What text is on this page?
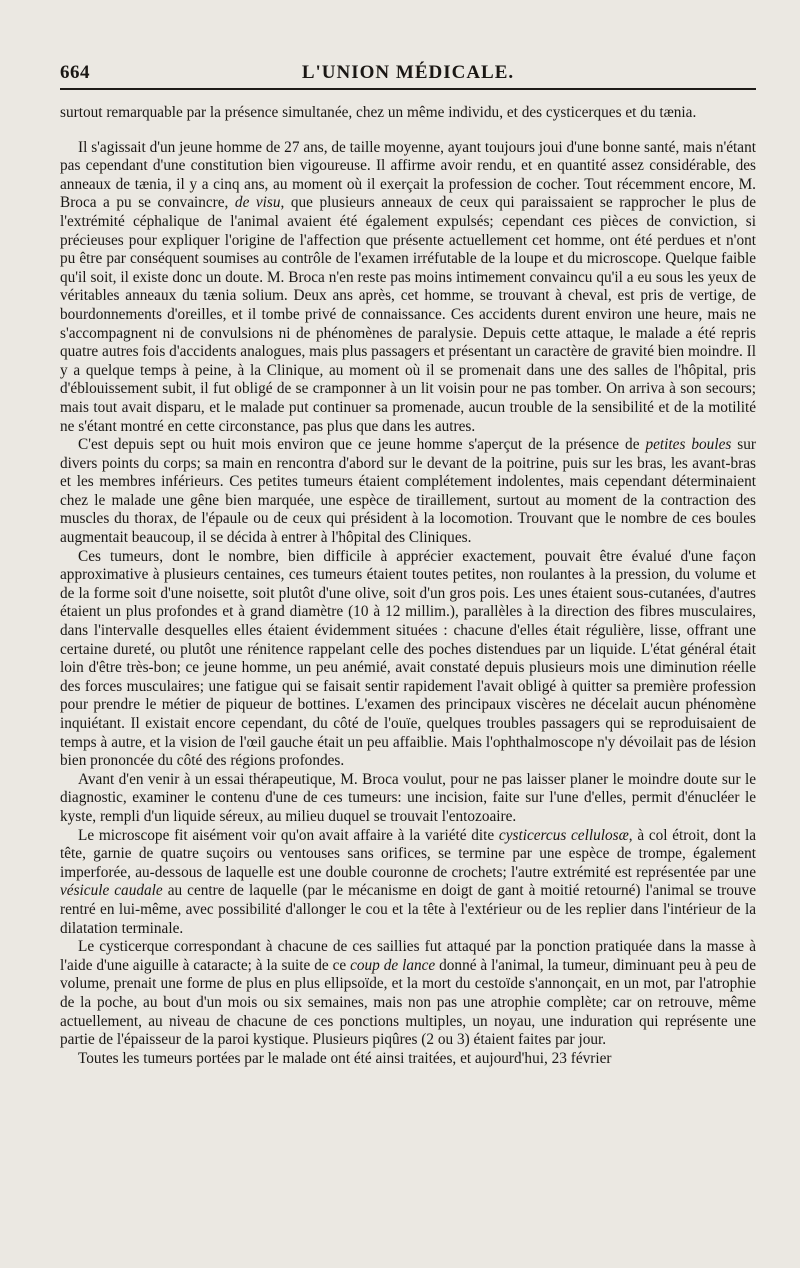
664	L'UNION MÉDICALE.

surtout remarquable par la présence simultanée, chez un même individu, et des cysticerques et du tænia.

Il s'agissait d'un jeune homme de 27 ans, de taille moyenne, ayant toujours joui d'une bonne santé, mais n'étant pas cependant d'une constitution bien vigoureuse. Il affirme avoir rendu, et en quantité assez considérable, des anneaux de tænia, il y a cinq ans, au moment où il exerçait la profession de cocher. Tout récemment encore, M. Broca a pu se convaincre, de visu, que plusieurs anneaux de ceux qui paraissaient se rapprocher le plus de l'extrémité céphalique de l'animal avaient été également expulsés; cependant ces pièces de conviction, si précieuses pour expliquer l'origine de l'affection que présente actuellement cet homme, ont été perdues et n'ont pu être par conséquent soumises au contrôle de l'examen irréfutable de la loupe et du microscope. Quelque faible qu'il soit, il existe donc un doute. M. Broca n'en reste pas moins intimement convaincu qu'il a eu sous les yeux de véritables anneaux du tænia solium. Deux ans après, cet homme, se trouvant à cheval, est pris de vertige, de bourdonnements d'oreilles, et il tombe privé de connaissance. Ces accidents durent environ une heure, mais ne s'accompagnent ni de convulsions ni de phénomènes de paralysie. Depuis cette attaque, le malade a été repris quatre autres fois d'accidents analogues, mais plus passagers et présentant un caractère de gravité bien moindre. Il y a quelque temps à peine, à la Clinique, au moment où il se promenait dans une des salles de l'hôpital, pris d'éblouissement subit, il fut obligé de se cramponner à un lit voisin pour ne pas tomber. On arriva à son secours; mais tout avait disparu, et le malade put continuer sa promenade, aucun trouble de la sensibilité et de la motilité ne s'étant montré en cette circonstance, pas plus que dans les autres.

C'est depuis sept ou huit mois environ que ce jeune homme s'aperçut de la présence de petites boules sur divers points du corps; sa main en rencontra d'abord sur le devant de la poitrine, puis sur les bras, les avant-bras et les membres inférieurs. Ces petites tumeurs étaient complétement indolentes, mais cependant déterminaient chez le malade une gêne bien marquée, une espèce de tiraillement, surtout au moment de la contraction des muscles du thorax, de l'épaule ou de ceux qui président à la locomotion. Trouvant que le nombre de ces boules augmentait beaucoup, il se décida à entrer à l'hôpital des Cliniques.

Ces tumeurs, dont le nombre, bien difficile à apprécier exactement, pouvait être évalué d'une façon approximative à plusieurs centaines, ces tumeurs étaient toutes petites, non roulantes à la pression, du volume et de la forme soit d'une noisette, soit plutôt d'une olive, soit d'un gros pois. Les unes étaient sous-cutanées, d'autres étaient un plus profondes et à grand diamètre (10 à 12 millim.), parallèles à la direction des fibres musculaires, dans l'intervalle desquelles elles étaient évidemment situées : chacune d'elles était régulière, lisse, offrant une certaine dureté, ou plutôt une rénitence rappelant celle des poches distendues par un liquide. L'état général était loin d'être très-bon; ce jeune homme, un peu anémié, avait constaté depuis plusieurs mois une diminution réelle des forces musculaires; une fatigue qui se faisait sentir rapidement l'avait obligé à quitter sa première profession pour prendre le métier de piqueur de bottines. L'examen des principaux viscères ne décelait aucun phénomène inquiétant. Il existait encore cependant, du côté de l'ouïe, quelques troubles passagers qui se reproduisaient de temps à autre, et la vision de l'œil gauche était un peu affaiblie. Mais l'ophthalmoscope n'y dévoilait pas de lésion bien prononcée du côté des régions profondes.

Avant d'en venir à un essai thérapeutique, M. Broca voulut, pour ne pas laisser planer le moindre doute sur le diagnostic, examiner le contenu d'une de ces tumeurs: une incision, faite sur l'une d'elles, permit d'énucléer le kyste, rempli d'un liquide séreux, au milieu duquel se trouvait l'entozoaire.

Le microscope fit aisément voir qu'on avait affaire à la variété dite cysticercus cellulosæ, à col étroit, dont la tête, garnie de quatre suçoirs ou ventouses sans orifices, se termine par une espèce de trompe, également imperforée, au-dessous de laquelle est une double couronne de crochets; l'autre extrémité est représentée par une vésicule caudale au centre de laquelle (par le mécanisme en doigt de gant à moitié retourné) l'animal se trouve rentré en lui-même, avec possibilité d'allonger le cou et la tête à l'extérieur ou de les replier dans l'intérieur de la dilatation terminale.

Le cysticerque correspondant à chacune de ces saillies fut attaqué par la ponction pratiquée dans la masse à l'aide d'une aiguille à cataracte; à la suite de ce coup de lance donné à l'animal, la tumeur, diminuant peu à peu de volume, prenait une forme de plus en plus ellipsoïde, et la mort du cestoïde s'annonçait, en un mot, par l'atrophie de la poche, au bout d'un mois ou six semaines, mais non pas une atrophie complète; car on retrouve, même actuellement, au niveau de chacune de ces ponctions multiples, un noyau, une induration qui représente une partie de l'épaisseur de la paroi kystique. Plusieurs piqûres (2 ou 3) étaient faites par jour.

Toutes les tumeurs portées par le malade ont été ainsi traitées, et aujourd'hui, 23 février
